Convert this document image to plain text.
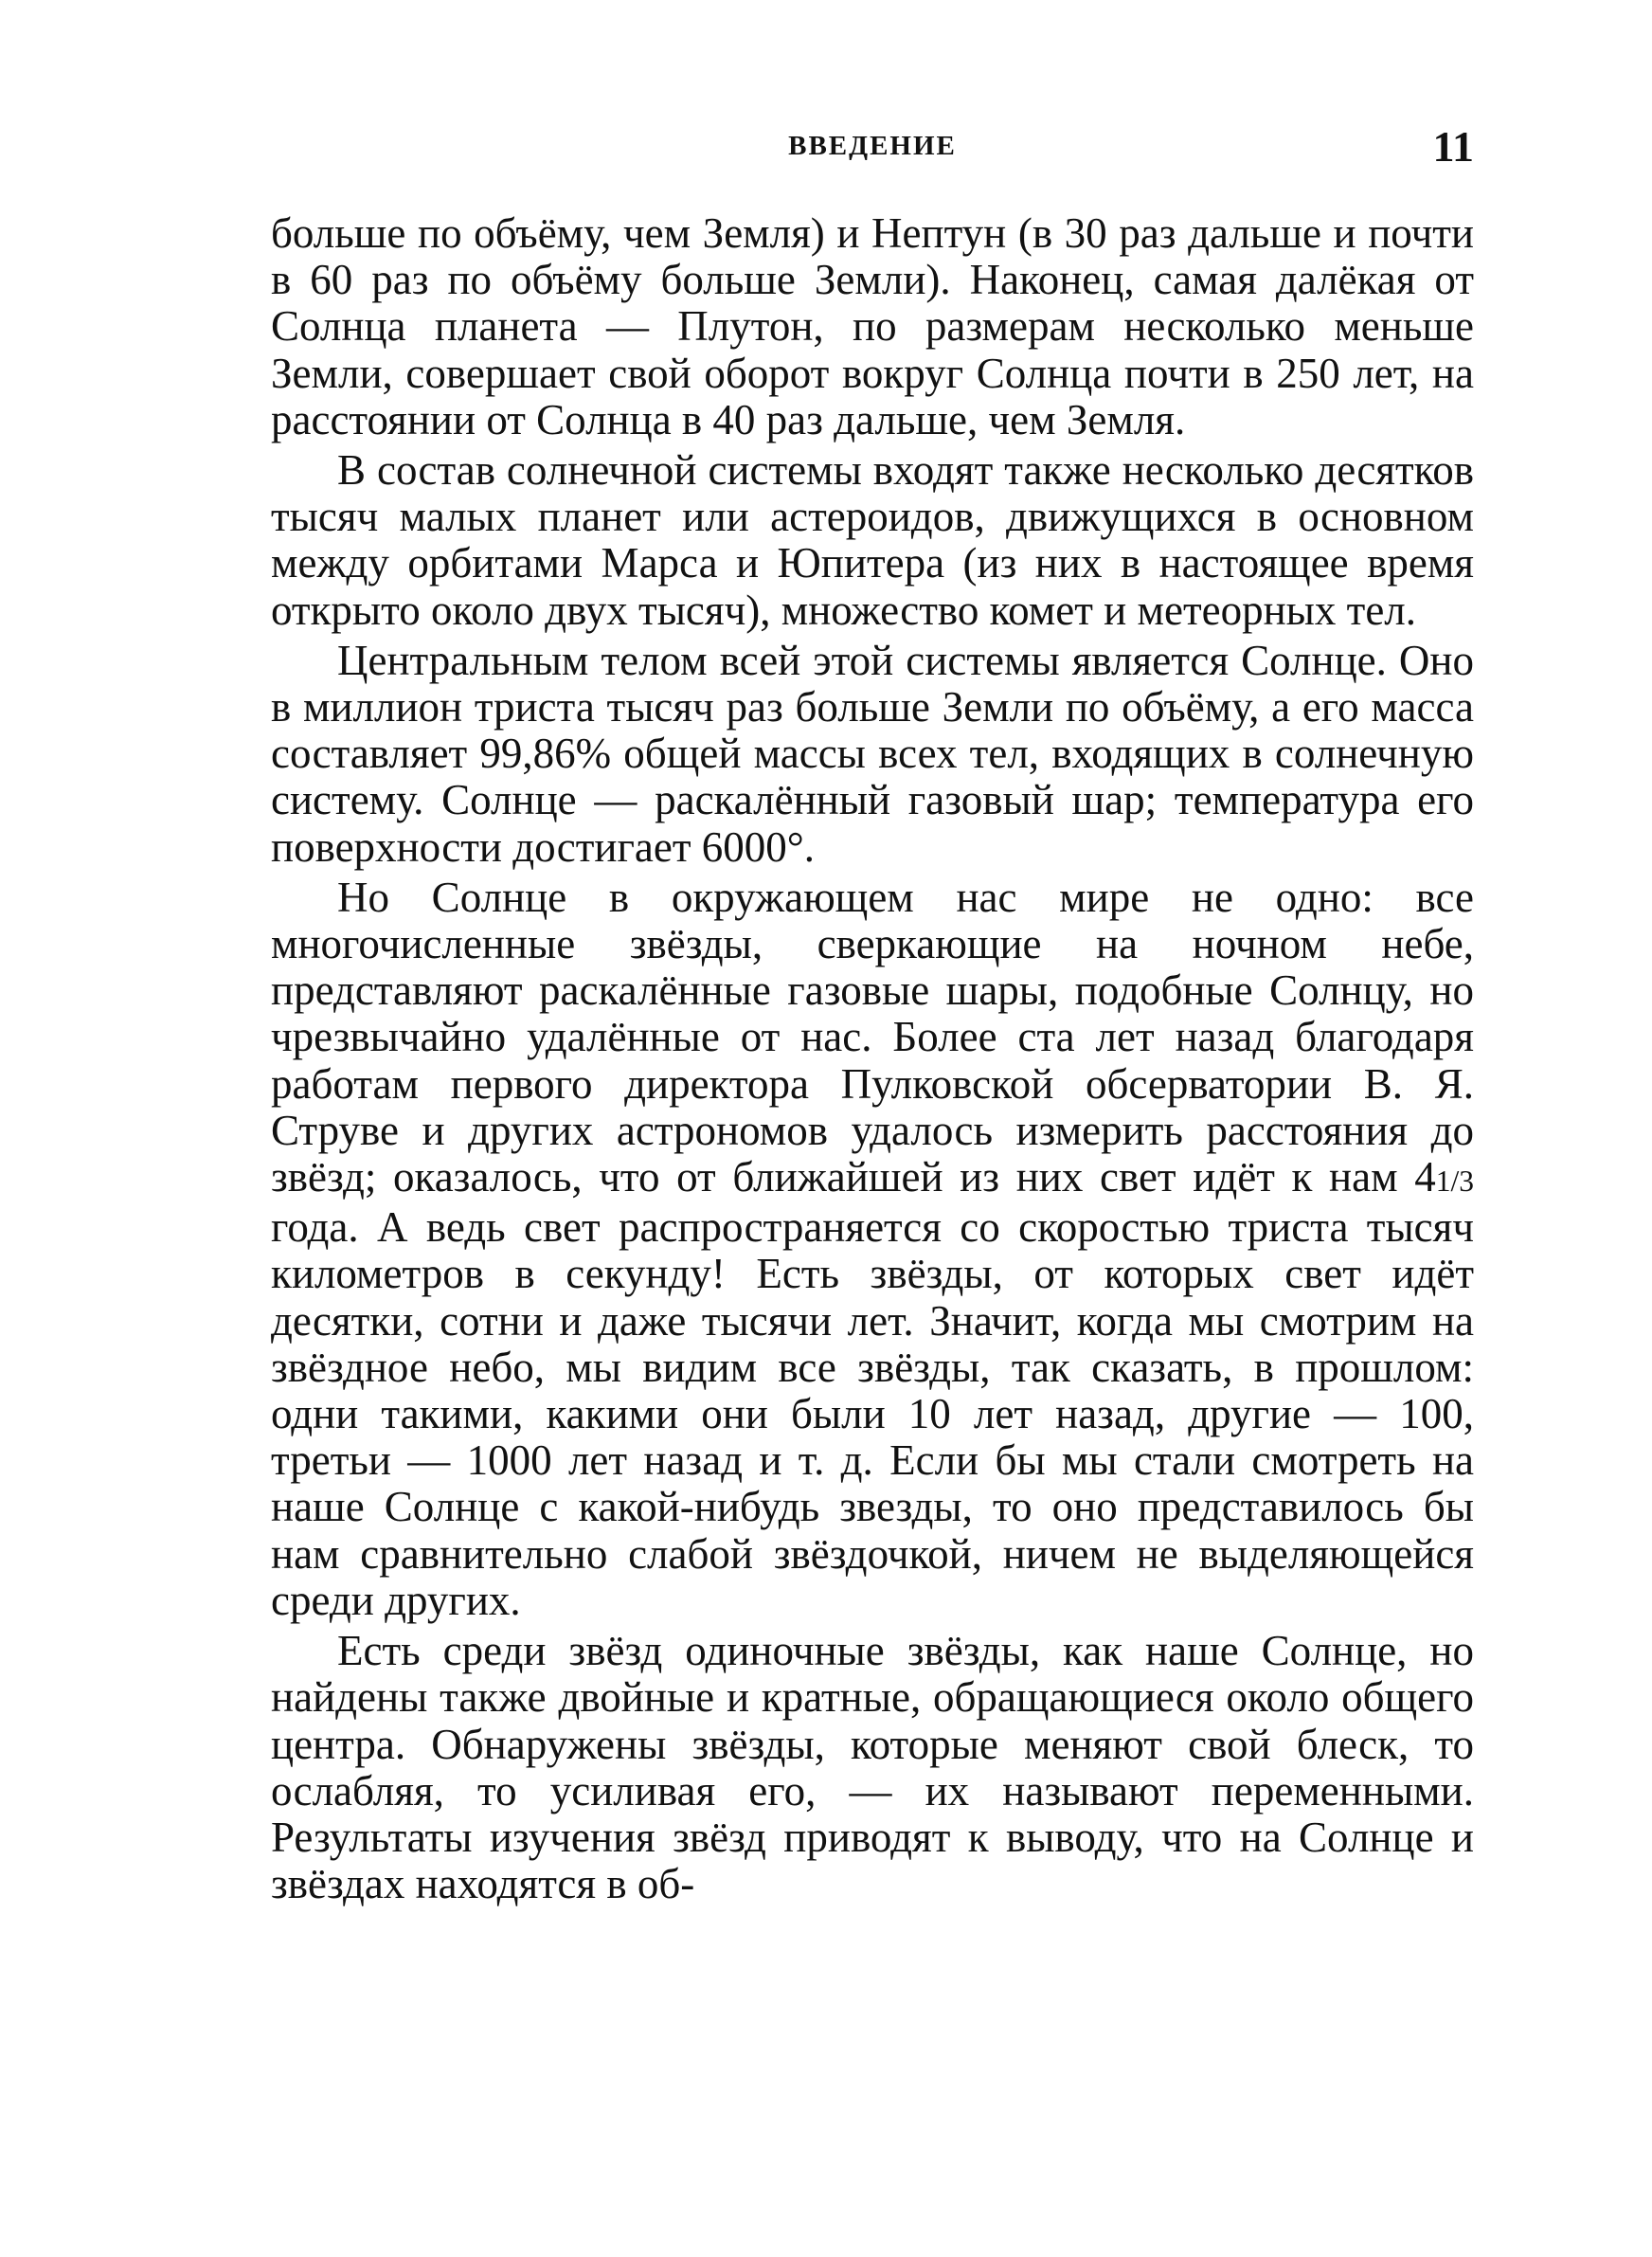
ВВЕДЕНИЕ	11

больше по объёму, чем Земля) и Нептун (в 30 раз дальше и почти в 60 раз по объёму больше Земли). Наконец, самая далёкая от Солнца планета — Плутон, по размерам несколько меньше Земли, совершает свой оборот вокруг Солнца почти в 250 лет, на расстоянии от Солнца в 40 раз дальше, чем Земля.

В состав солнечной системы входят также несколько десятков тысяч малых планет или астероидов, движущихся в основном между орбитами Марса и Юпитера (из них в настоящее время открыто около двух тысяч), множество комет и метеорных тел.

Центральным телом всей этой системы является Солнце. Оно в миллион триста тысяч раз больше Земли по объёму, а его масса составляет 99,86% общей массы всех тел, входящих в солнечную систему. Солнце — раскалённый газовый шар; температура его поверхности достигает 6000°.

Но Солнце в окружающем нас мире не одно: все многочисленные звёзды, сверкающие на ночном небе, представляют раскалённые газовые шары, подобные Солнцу, но чрезвычайно удалённые от нас. Более ста лет назад благодаря работам первого директора Пулковской обсерватории В. Я. Струве и других астрономов удалось измерить расстояния до звёзд; оказалось, что от ближайшей из них свет идёт к нам 41/3 года. А ведь свет распространяется со скоростью триста тысяч километров в секунду! Есть звёзды, от которых свет идёт десятки, сотни и даже тысячи лет. Значит, когда мы смотрим на звёздное небо, мы видим все звёзды, так сказать, в прошлом: одни такими, какими они были 10 лет назад, другие — 100, третьи — 1000 лет назад и т. д. Если бы мы стали смотреть на наше Солнце с какой-нибудь звезды, то оно представилось бы нам сравнительно слабой звёздочкой, ничем не выделяющейся среди других.

Есть среди звёзд одиночные звёзды, как наше Солнце, но найдены также двойные и кратные, обращающиеся около общего центра. Обнаружены звёзды, которые меняют свой блеск, то ослабляя, то усиливая его, — их называют переменными. Результаты изучения звёзд приводят к выводу, что на Солнце и звёздах находятся в об-
